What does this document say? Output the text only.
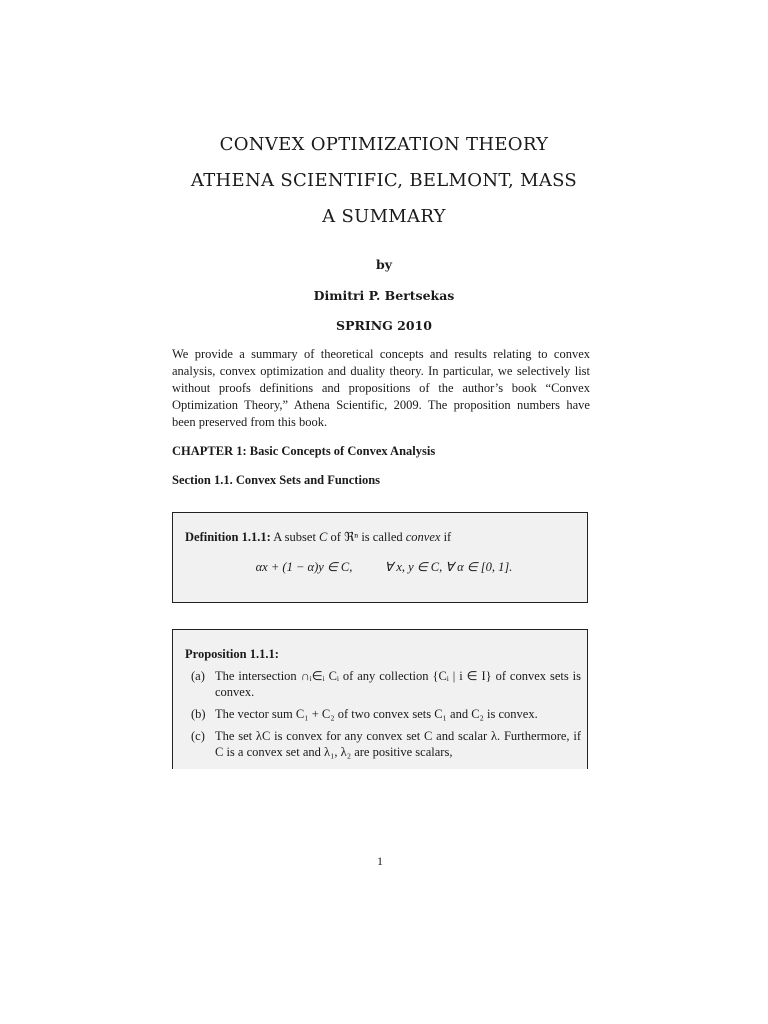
CONVEX OPTIMIZATION THEORY
ATHENA SCIENTIFIC, BELMONT, MASS
A SUMMARY
by
Dimitri P. Bertsekas
SPRING 2010
We provide a summary of theoretical concepts and results relating to convex analysis, convex optimization and duality theory. In particular, we selectively list without proofs definitions and propositions of the author’s book “Convex Optimization Theory,” Athena Scientific, 2009. The proposition numbers have been preserved from this book.
CHAPTER 1: Basic Concepts of Convex Analysis
Section 1.1. Convex Sets and Functions
Definition 1.1.1: A subset C of ℜⁿ is called convex if
αx + (1 − α)y ∈ C,	∀ x, y ∈ C, ∀ α ∈ [0, 1].
Proposition 1.1.1:
(a) The intersection ∩ᵢ∈ᵢ Cᵢ of any collection {Cᵢ | i ∈ I} of convex sets is convex.
(b) The vector sum C₁ + C₂ of two convex sets C₁ and C₂ is convex.
(c) The set λC is convex for any convex set C and scalar λ. Furthermore, if C is a convex set and λ₁, λ₂ are positive scalars,
1
